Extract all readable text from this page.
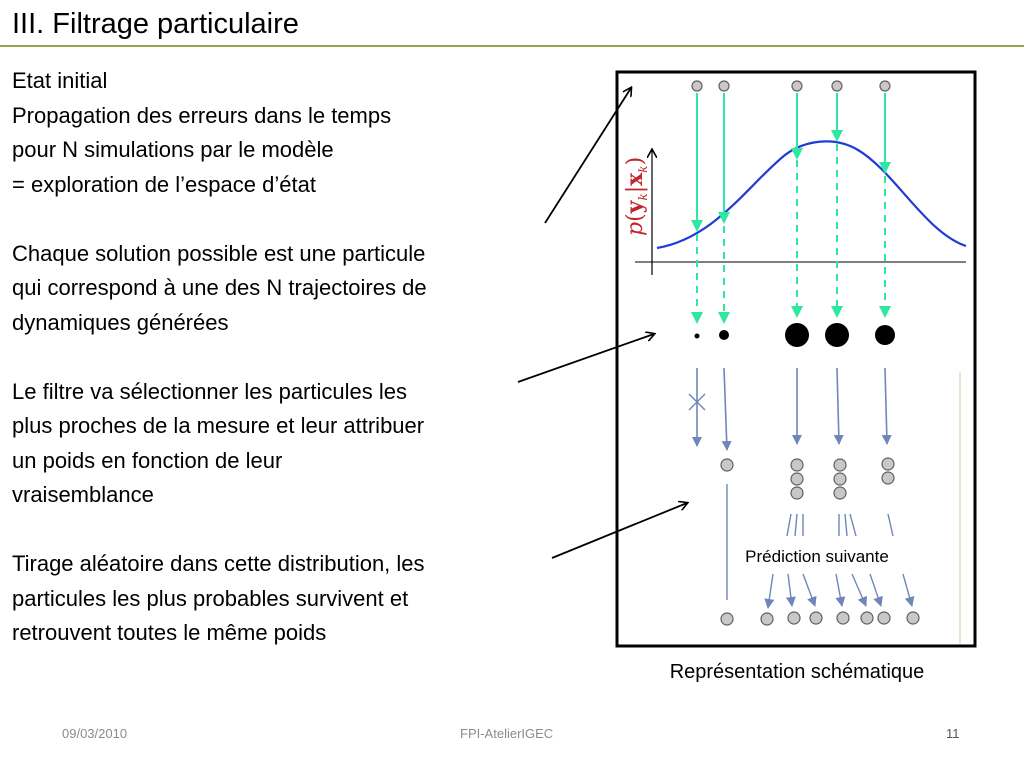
III. Filtrage particulaire

Etat initial
Propagation des erreurs dans le temps
pour N simulations par le modèle
= exploration de l’espace d’état

Chaque solution possible est une particule
qui correspond à une des N trajectoires de
dynamiques générées

Le filtre va sélectionner les particules les
plus proches de la mesure et leur attribuer
un poids en fonction de leur
vraisemblance

Tirage aléatoire dans cette distribution, les
particules les plus probables survivent et
retrouvent toutes le même poids

p(𝐲$_k$|𝐱$_k$)
Prédiction suivante
Représentation schématique
09/03/2010	FPI-AtelierIGEC	11
